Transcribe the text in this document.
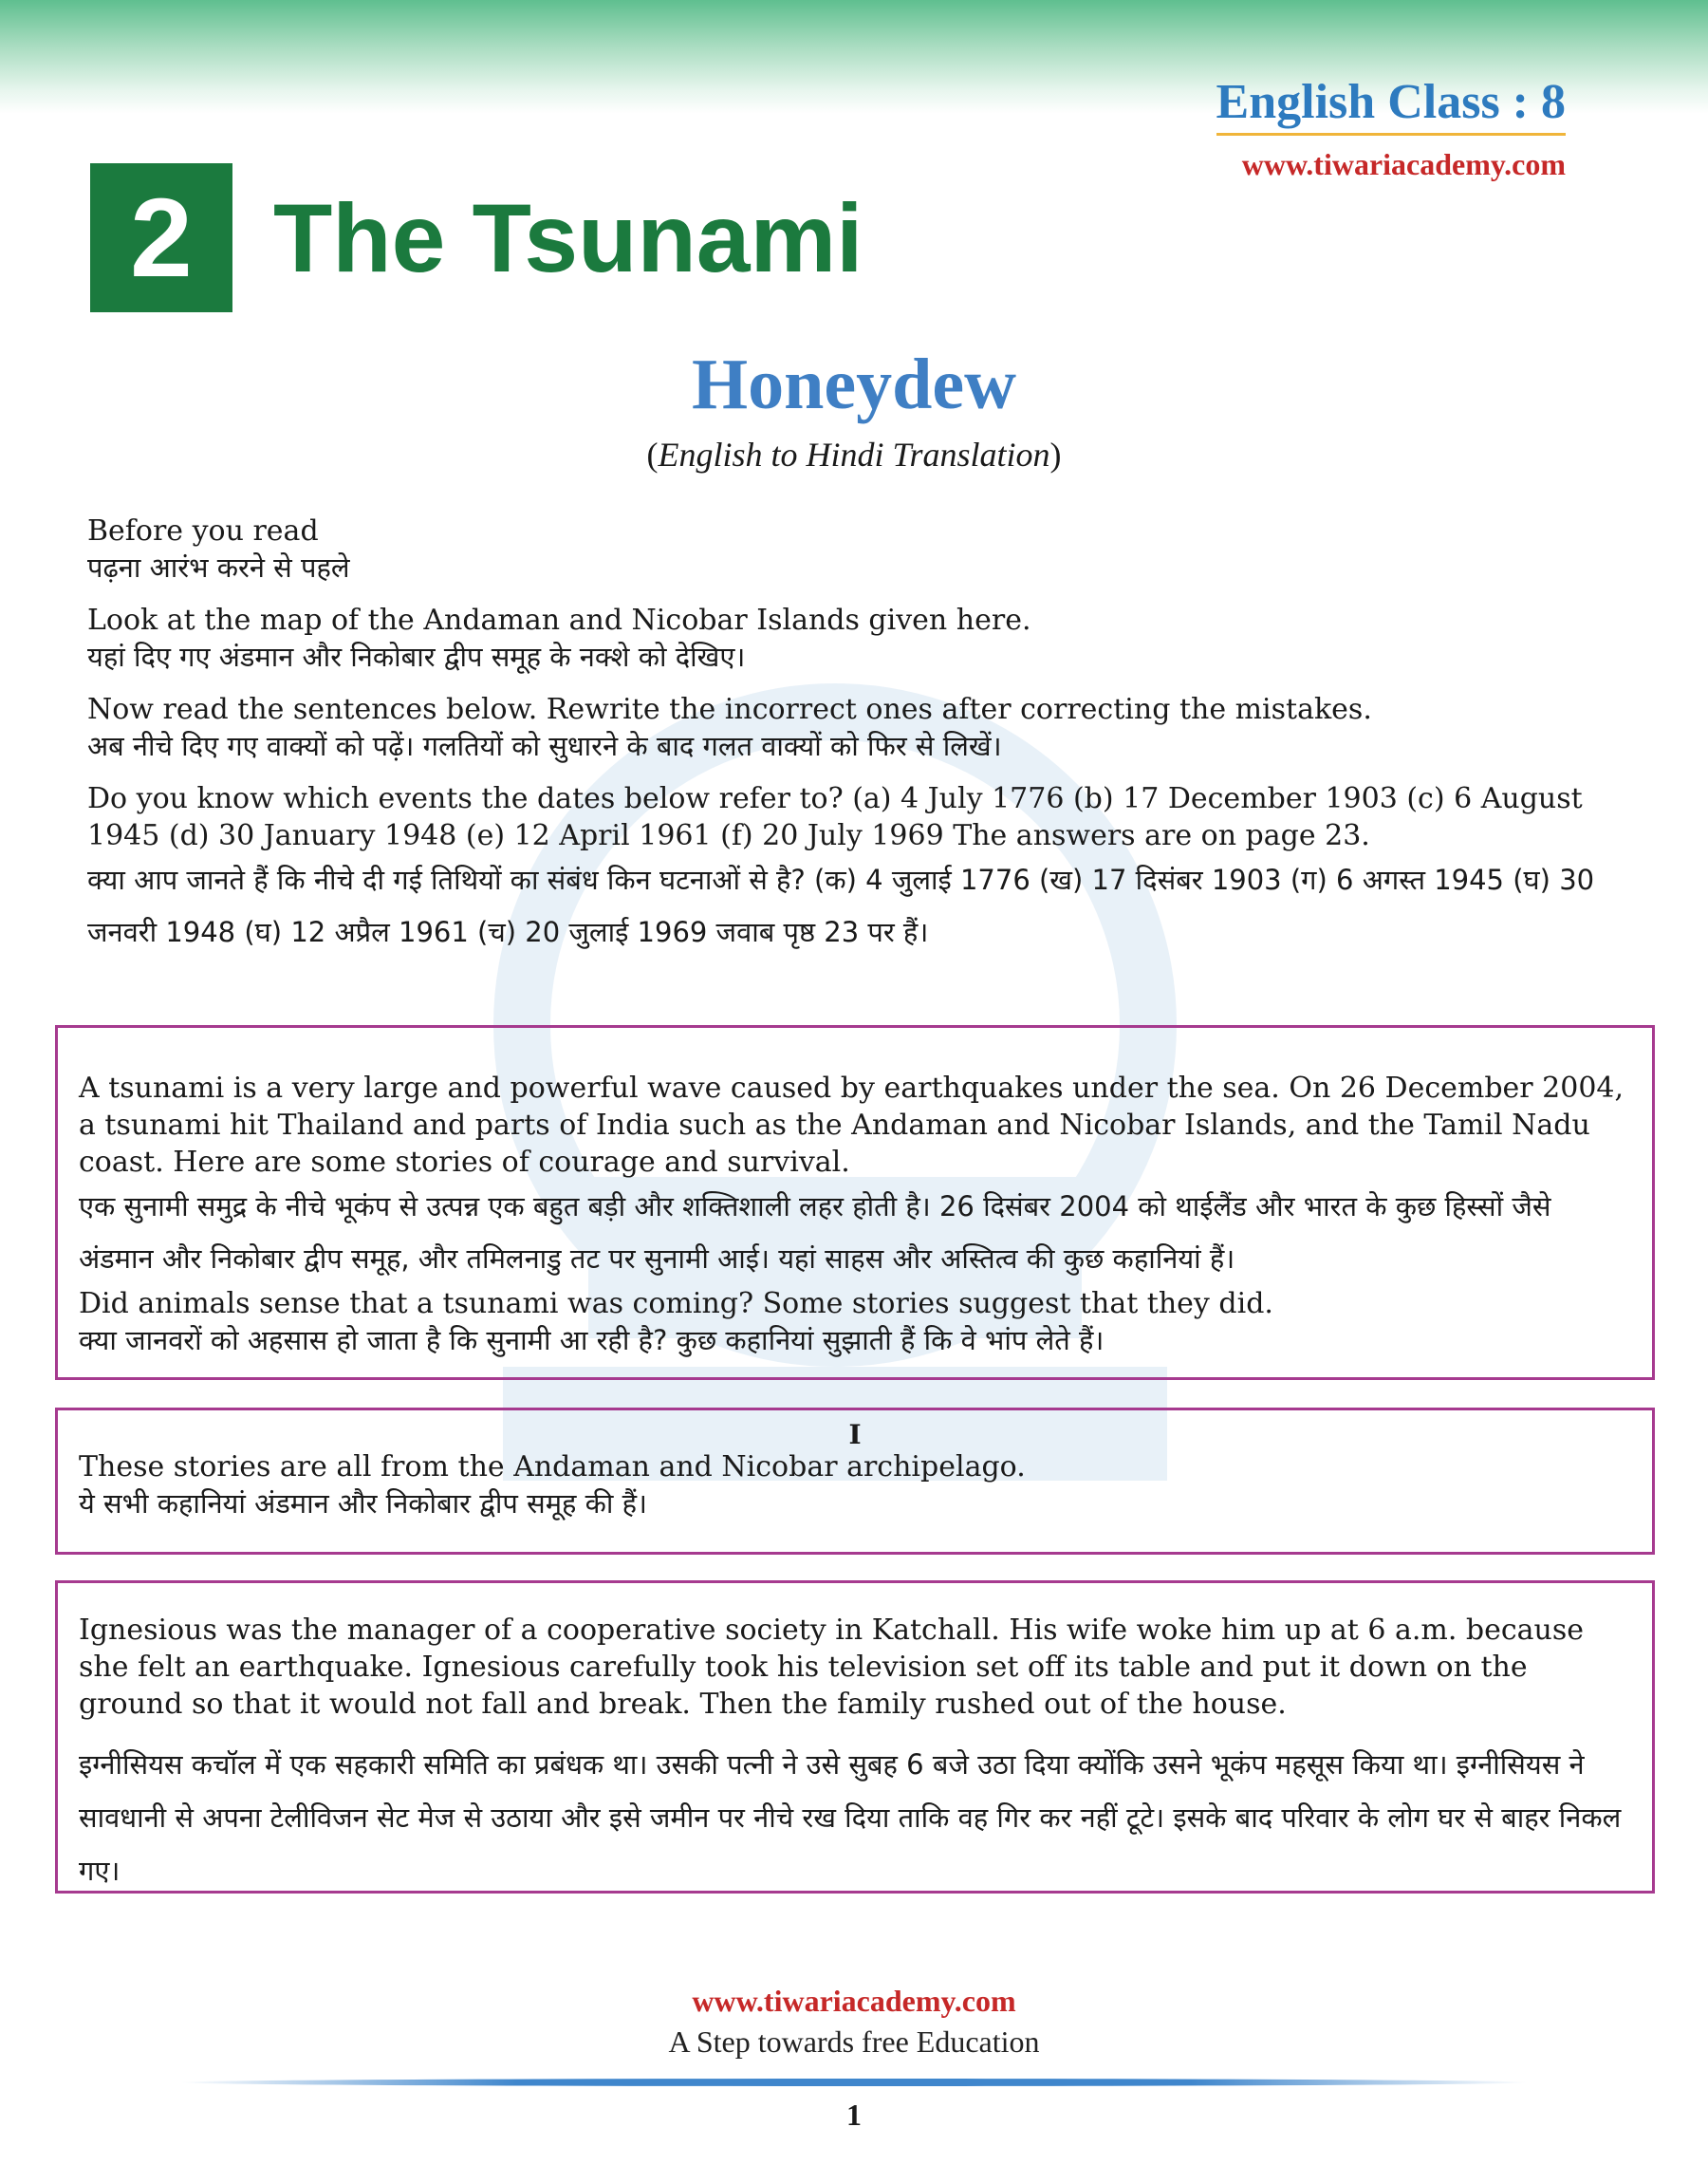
English Class : 8
www.tiwariacademy.com
2 The Tsunami
Honeydew
(English to Hindi Translation)

Before you read

पढ़ना आरंभ करने से पहले

Look at the map of the Andaman and Nicobar Islands given here.

यहां दिए गए अंडमान और निकोबार द्वीप समूह के नक्शे को देखिए।

Now read the sentences below. Rewrite the incorrect ones after correcting the mistakes.

अब नीचे दिए गए वाक्यों को पढ़ें। गलतियों को सुधारने के बाद गलत वाक्यों को फिर से लिखें।

Do you know which events the dates below refer to? (a) 4 July 1776 (b) 17 December 1903 (c) 6 August 1945 (d) 30 January 1948 (e) 12 April 1961 (f) 20 July 1969 The answers are on page 23.

क्या आप जानते हैं कि नीचे दी गई तिथियों का संबंध किन घटनाओं से है? (क) 4 जुलाई 1776 (ख) 17 दिसंबर 1903 (ग) 6 अगस्त 1945 (घ) 30 जनवरी 1948 (घ) 12 अप्रैल 1961 (च) 20 जुलाई 1969 जवाब पृष्ठ 23 पर हैं।

A tsunami is a very large and powerful wave caused by earthquakes under the sea. On 26 December 2004, a tsunami hit Thailand and parts of India such as the Andaman and Nicobar Islands, and the Tamil Nadu coast. Here are some stories of courage and survival.

एक सुनामी समुद्र के नीचे भूकंप से उत्पन्न एक बहुत बड़ी और शक्तिशाली लहर होती है। 26 दिसंबर 2004 को थाईलैंड और भारत के कुछ हिस्सों जैसे अंडमान और निकोबार द्वीप समूह, और तमिलनाडु तट पर सुनामी आई। यहां साहस और अस्तित्व की कुछ कहानियां हैं।

Did animals sense that a tsunami was coming? Some stories suggest that they did.

क्या जानवरों को अहसास हो जाता है कि सुनामी आ रही है? कुछ कहानियां सुझाती हैं कि वे भांप लेते हैं।

I

These stories are all from the Andaman and Nicobar archipelago.

ये सभी कहानियां अंडमान और निकोबार द्वीप समूह की हैं।

Ignesious was the manager of a cooperative society in Katchall. His wife woke him up at 6 a.m. because she felt an earthquake. Ignesious carefully took his television set off its table and put it down on the ground so that it would not fall and break. Then the family rushed out of the house.

इग्नीसियस कचॉल में एक सहकारी समिति का प्रबंधक था। उसकी पत्नी ने उसे सुबह 6 बजे उठा दिया क्योंकि उसने भूकंप महसूस किया था। इग्नीसियस ने सावधानी से अपना टेलीविजन सेट मेज से उठाया और इसे जमीन पर नीचे रख दिया ताकि वह गिर कर नहीं टूटे। इसके बाद परिवार के लोग घर से बाहर निकल गए।

www.tiwariacademy.com
A Step towards free Education
1
